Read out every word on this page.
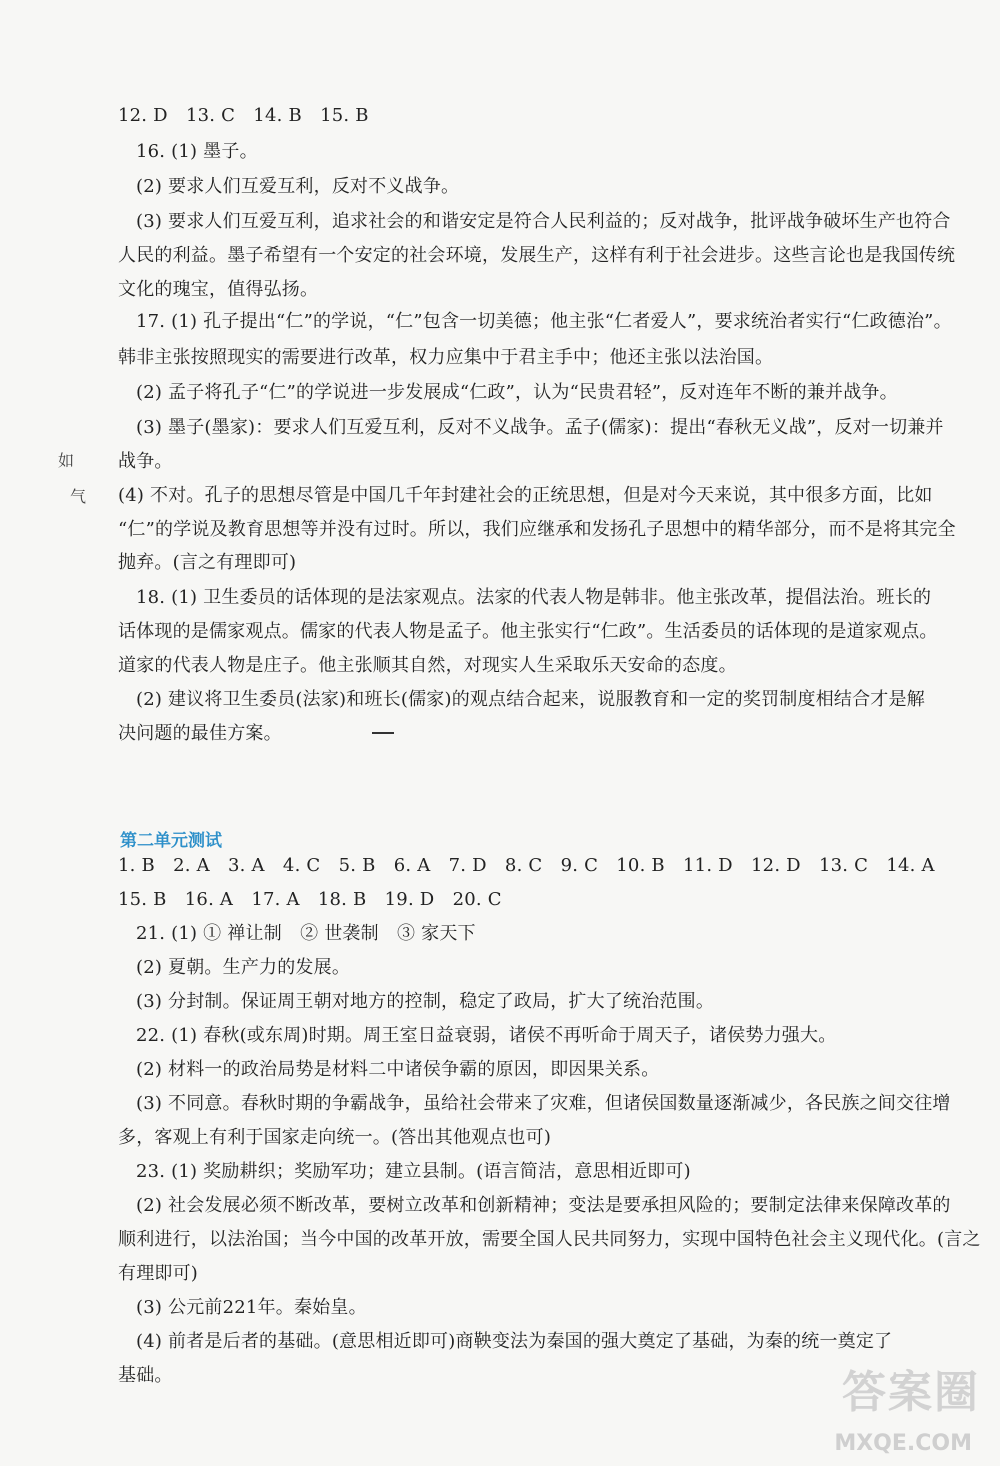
12. D　13. C　14. B　15. B
16. (1) 墨子。
(2) 要求人们互爱互利，反对不义战争。
(3) 要求人们互爱互利，追求社会的和谐安定是符合人民利益的；反对战争，批评战争破坏生产也符合
人民的利益。墨子希望有一个安定的社会环境，发展生产，这样有利于社会进步。这些言论也是我国传统
文化的瑰宝，值得弘扬。
17. (1) 孔子提出“仁”的学说，“仁”包含一切美德；他主张“仁者爱人”，要求统治者实行“仁政德治”。
韩非主张按照现实的需要进行改革，权力应集中于君主手中；他还主张以法治国。
(2) 孟子将孔子“仁”的学说进一步发展成“仁政”，认为“民贵君轻”，反对连年不断的兼并战争。
(3) 墨子(墨家)：要求人们互爱互利，反对不义战争。孟子(儒家)：提出“春秋无义战”，反对一切兼并
战争。
(4) 不对。孔子的思想尽管是中国几千年封建社会的正统思想，但是对今天来说，其中很多方面，比如
“仁”的学说及教育思想等并没有过时。所以，我们应继承和发扬孔子思想中的精华部分，而不是将其完全
抛弃。(言之有理即可)
18. (1) 卫生委员的话体现的是法家观点。法家的代表人物是韩非。他主张改革，提倡法治。班长的
话体现的是儒家观点。儒家的代表人物是孟子。他主张实行“仁政”。生活委员的话体现的是道家观点。
道家的代表人物是庄子。他主张顺其自然，对现实人生采取乐天安命的态度。
(2) 建议将卫生委员(法家)和班长(儒家)的观点结合起来，说服教育和一定的奖罚制度相结合才是解
决问题的最佳方案。
第二单元测试
1. B　2. A　3. A　4. C　5. B　6. A　7. D　8. C　9. C　10. B　11. D　12. D　13. C　14. A
15. B　16. A　17. A　18. B　19. D　20. C
21. (1) ① 禅让制　② 世袭制　③ 家天下
(2) 夏朝。生产力的发展。
(3) 分封制。保证周王朝对地方的控制，稳定了政局，扩大了统治范围。
22. (1) 春秋(或东周)时期。周王室日益衰弱，诸侯不再听命于周天子，诸侯势力强大。
(2) 材料一的政治局势是材料二中诸侯争霸的原因，即因果关系。
(3) 不同意。春秋时期的争霸战争，虽给社会带来了灾难，但诸侯国数量逐渐减少，各民族之间交往增
多，客观上有利于国家走向统一。(答出其他观点也可)
23. (1) 奖励耕织；奖励军功；建立县制。(语言简洁，意思相近即可)
(2) 社会发展必须不断改革，要树立改革和创新精神；变法是要承担风险的；要制定法律来保障改革的
顺利进行，以法治国；当今中国的改革开放，需要全国人民共同努力，实现中国特色社会主义现代化。(言之
有理即可)
(3) 公元前221年。秦始皇。
(4) 前者是后者的基础。(意思相近即可)商鞅变法为秦国的强大奠定了基础，为秦的统一奠定了
基础。
如
气
答案圈
MXQE.COM
